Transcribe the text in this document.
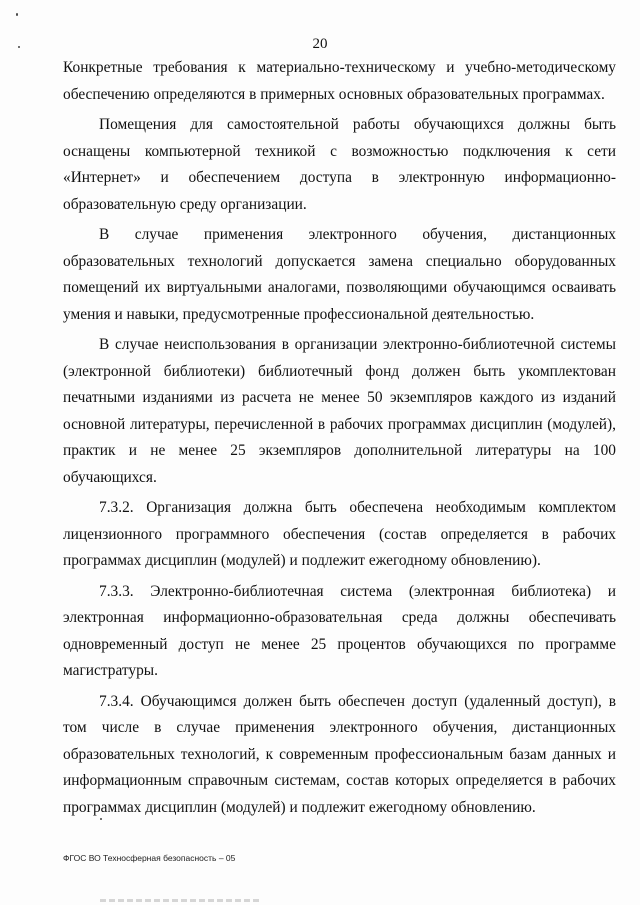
20

Конкретные требования к материально-техническому и учебно-методическому обеспечению определяются в примерных основных образовательных программах.

Помещения для самостоятельной работы обучающихся должны быть оснащены компьютерной техникой с возможностью подключения к сети «Интернет» и обеспечением доступа в электронную информационно-образовательную среду организации.

В случае применения электронного обучения, дистанционных образовательных технологий допускается замена специально оборудованных помещений их виртуальными аналогами, позволяющими обучающимся осваивать умения и навыки, предусмотренные профессиональной деятельностью.

В случае неиспользования в организации электронно-библиотечной системы (электронной библиотеки) библиотечный фонд должен быть укомплектован печатными изданиями из расчета не менее 50 экземпляров каждого из изданий основной литературы, перечисленной в рабочих программах дисциплин (модулей), практик и не менее 25 экземпляров дополнительной литературы на 100 обучающихся.

7.3.2. Организация должна быть обеспечена необходимым комплектом лицензионного программного обеспечения (состав определяется в рабочих программах дисциплин (модулей) и подлежит ежегодному обновлению).

7.3.3. Электронно-библиотечная система (электронная библиотека) и электронная информационно-образовательная среда должны обеспечивать одновременный доступ не менее 25 процентов обучающихся по программе магистратуры.

7.3.4. Обучающимся должен быть обеспечен доступ (удаленный доступ), в том числе в случае применения электронного обучения, дистанционных образовательных технологий, к современным профессиональным базам данных и информационным справочным системам, состав которых определяется в рабочих программах дисциплин (модулей) и подлежит ежегодному обновлению.

ФГОС ВО Техносферная безопасность – 05
